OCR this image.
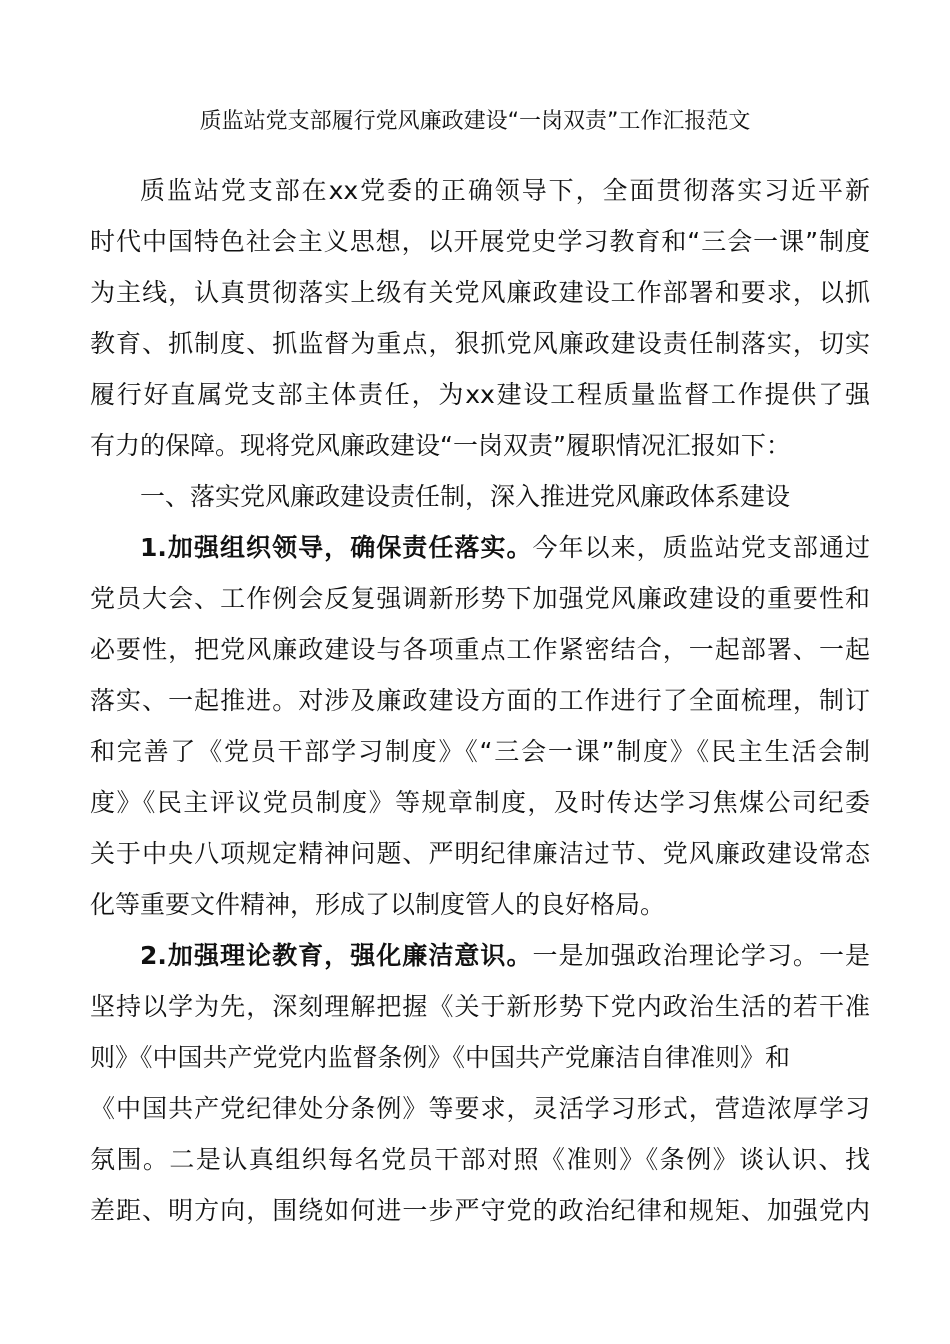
质监站党支部履行党风廉政建设“一岗双责”工作汇报范文
质监站党支部在xx党委的正确领导下，全面贯彻落实习近平新
时代中国特色社会主义思想，以开展党史学习教育和“三会一课”制度
为主线，认真贯彻落实上级有关党风廉政建设工作部署和要求，以抓
教育、抓制度、抓监督为重点，狠抓党风廉政建设责任制落实，切实
履行好直属党支部主体责任，为xx建设工程质量监督工作提供了强
有力的保障。现将党风廉政建设“一岗双责”履职情况汇报如下：
一、落实党风廉政建设责任制，深入推进党风廉政体系建设
1.加强组织领导，确保责任落实。今年以来，质监站党支部通过
党员大会、工作例会反复强调新形势下加强党风廉政建设的重要性和
必要性，把党风廉政建设与各项重点工作紧密结合，一起部署、一起
落实、一起推进。对涉及廉政建设方面的工作进行了全面梳理，制订
和完善了《党员干部学习制度》《“三会一课”制度》《民主生活会制
度》《民主评议党员制度》等规章制度，及时传达学习焦煤公司纪委
关于中央八项规定精神问题、严明纪律廉洁过节、党风廉政建设常态
化等重要文件精神，形成了以制度管人的良好格局。
2.加强理论教育，强化廉洁意识。一是加强政治理论学习。一是
坚持以学为先，深刻理解把握《关于新形势下党内政治生活的若干准
则》《中国共产党党内监督条例》《中国共产党廉洁自律准则》和
《中国共产党纪律处分条例》等要求，灵活学习形式，营造浓厚学习
氛围。二是认真组织每名党员干部对照《准则》《条例》谈认识、找
差距、明方向，围绕如何进一步严守党的政治纪律和规矩、加强党内
